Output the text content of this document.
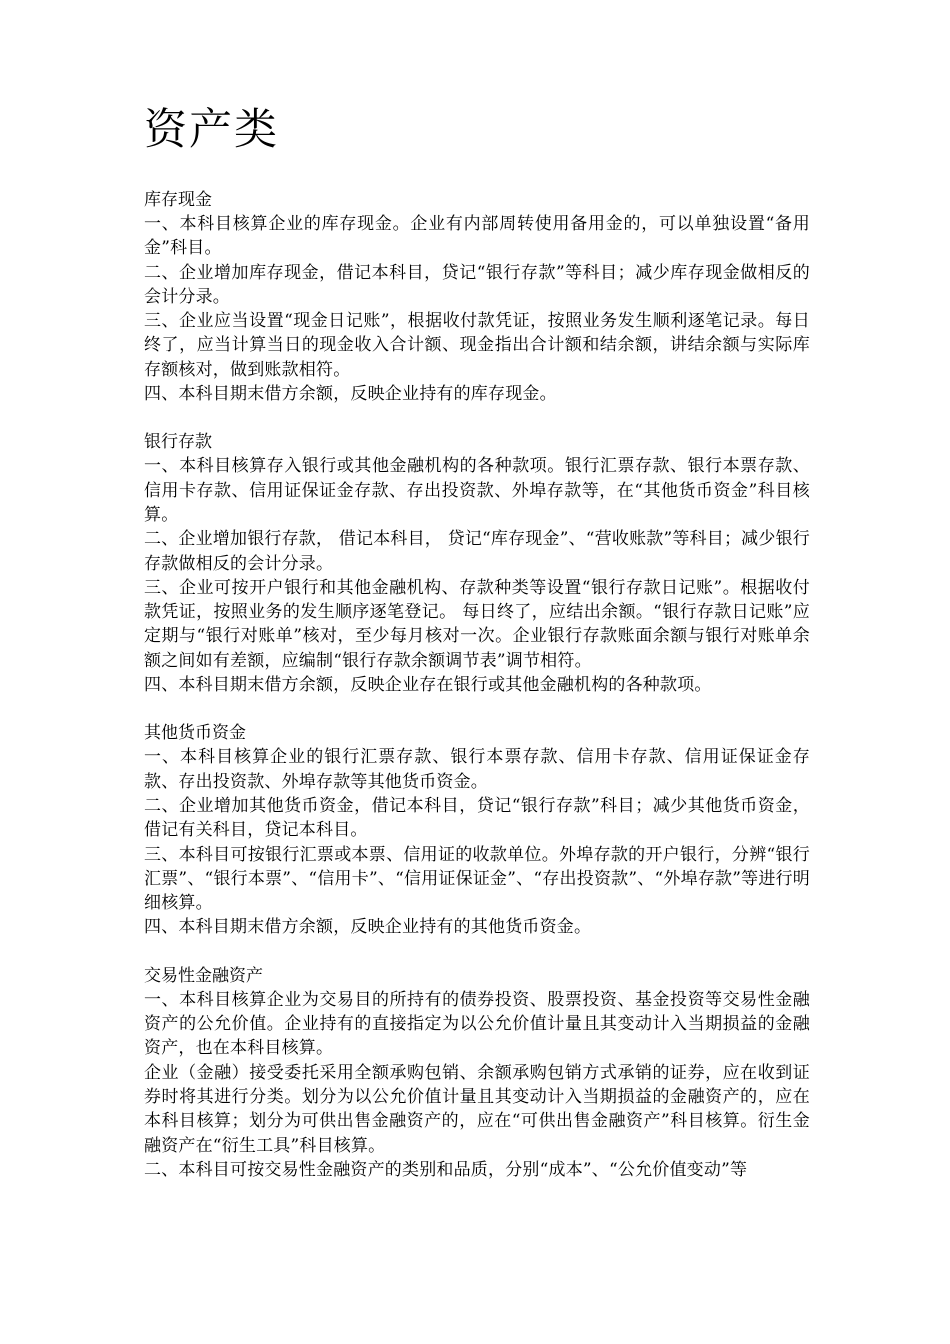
资产类

库存现金

一、本科目核算企业的库存现金。企业有内部周转使用备用金的，可以单独设置“备用金”科目。

二、企业增加库存现金，借记本科目，贷记“银行存款”等科目；减少库存现金做相反的会计分录。

三、企业应当设置“现金日记账”，根据收付款凭证，按照业务发生顺利逐笔记录。每日终了，应当计算当日的现金收入合计额、现金指出合计额和结余额，讲结余额与实际库存额核对，做到账款相符。

四、本科目期末借方余额，反映企业持有的库存现金。

银行存款

一、本科目核算存入银行或其他金融机构的各种款项。银行汇票存款、银行本票存款、信用卡存款、信用证保证金存款、存出投资款、外埠存款等，在“其他货币资金”科目核算。

二、企业增加银行存款， 借记本科目， 贷记“库存现金”、“营收账款”等科目；减少银行存款做相反的会计分录。

三、企业可按开户银行和其他金融机构、存款种类等设置“银行存款日记账”。根据收付款凭证，按照业务的发生顺序逐笔登记。 每日终了，应结出余额。“银行存款日记账”应定期与“银行对账单”核对，至少每月核对一次。企业银行存款账面余额与银行对账单余额之间如有差额，应编制“银行存款余额调节表”调节相符。

四、本科目期末借方余额，反映企业存在银行或其他金融机构的各种款项。

其他货币资金

一、本科目核算企业的银行汇票存款、银行本票存款、信用卡存款、信用证保证金存款、存出投资款、外埠存款等其他货币资金。

二、企业增加其他货币资金，借记本科目，贷记“银行存款”科目；减少其他货币资金，借记有关科目，贷记本科目。

三、本科目可按银行汇票或本票、信用证的收款单位。外埠存款的开户银行，分辨“银行汇票”、“银行本票”、“信用卡”、“信用证保证金”、“存出投资款”、“外埠存款”等进行明细核算。

四、本科目期末借方余额，反映企业持有的其他货币资金。

交易性金融资产

一、本科目核算企业为交易目的所持有的债券投资、股票投资、基金投资等交易性金融资产的公允价值。企业持有的直接指定为以公允价值计量且其变动计入当期损益的金融资产，也在本科目核算。

企业（金融）接受委托采用全额承购包销、余额承购包销方式承销的证券，应在收到证券时将其进行分类。划分为以公允价值计量且其变动计入当期损益的金融资产的，应在本科目核算；划分为可供出售金融资产的，应在“可供出售金融资产”科目核算。衍生金融资产在“衍生工具”科目核算。

二、本科目可按交易性金融资产的类别和品质，分别“成本”、“公允价值变动”等
